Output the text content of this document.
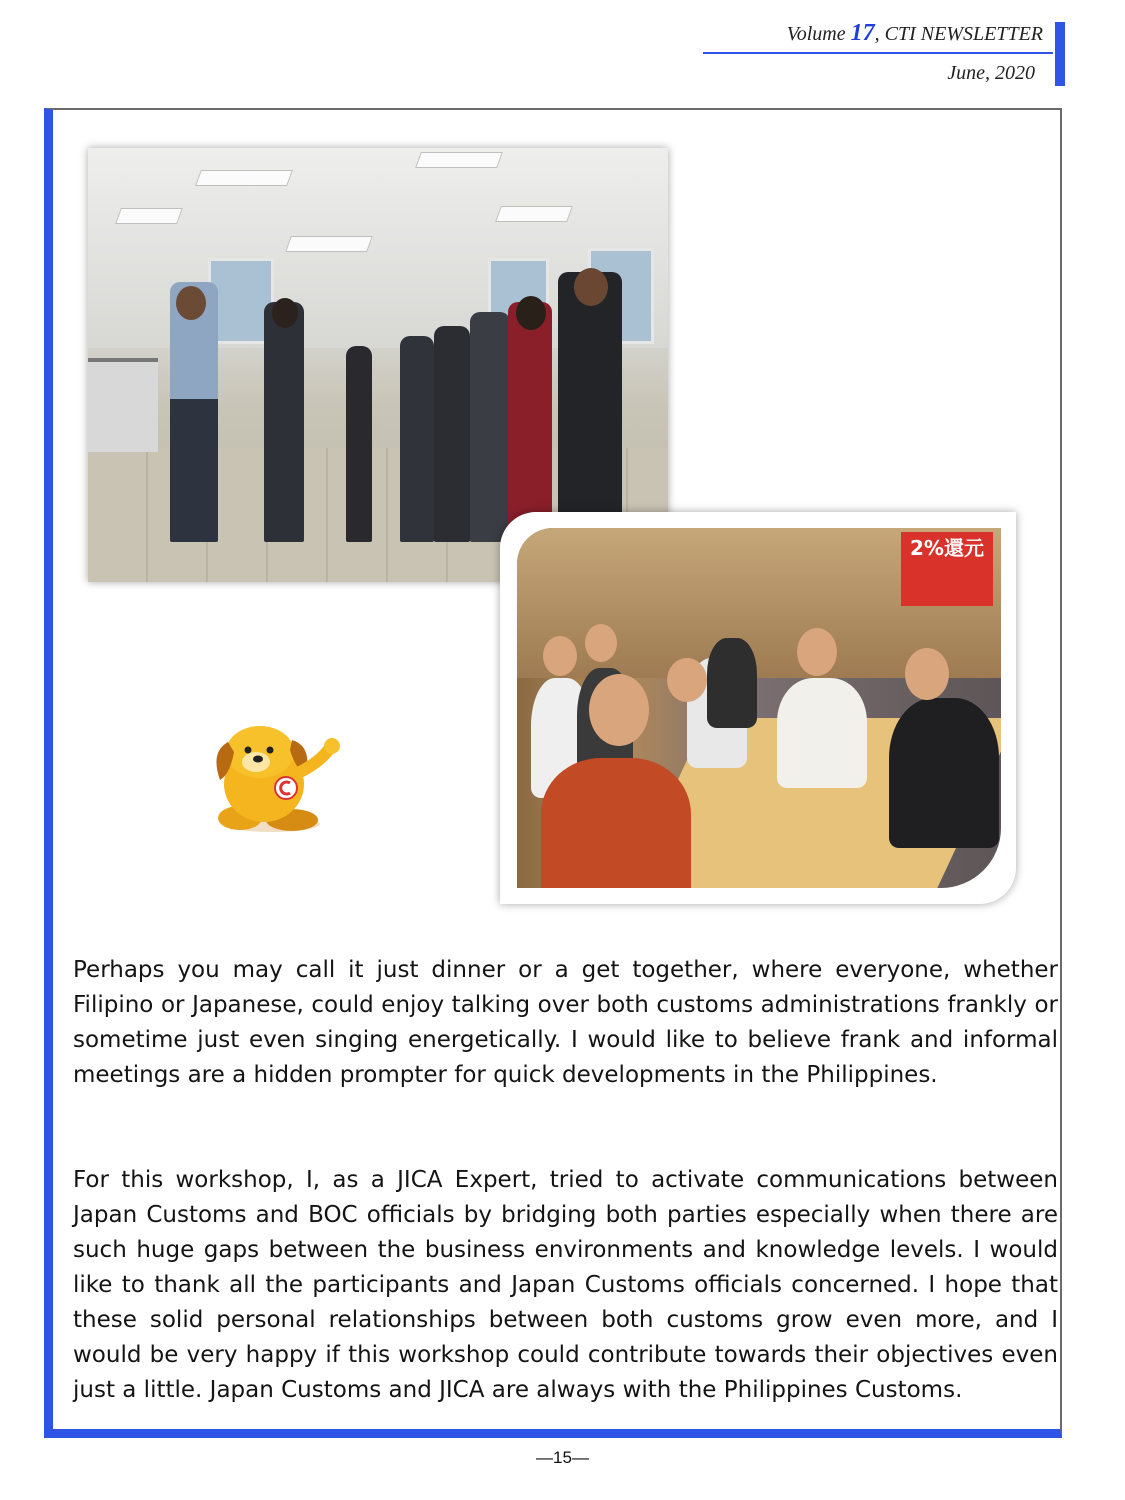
Volume 17, CTI NEWSLETTER
June, 2020
2%還元

Perhaps you may call it just dinner or a get together, where everyone, whether Filipino or Japanese, could enjoy talking over both customs administrations frankly or sometime just even singing energetically. I would like to believe frank and informal meetings are a hidden prompter for quick developments in the Philippines.

For this workshop, I, as a JICA Expert, tried to activate communications between Japan Customs and BOC officials by bridging both parties especially when there are such huge gaps between the business environments and knowledge levels. I would like to thank all the participants and Japan Customs officials concerned. I hope that these solid personal relationships between both customs grow even more, and I would be very happy if this workshop could contribute towards their objectives even just a little. Japan Customs and JICA are always with the Philippines Customs.

—15—
